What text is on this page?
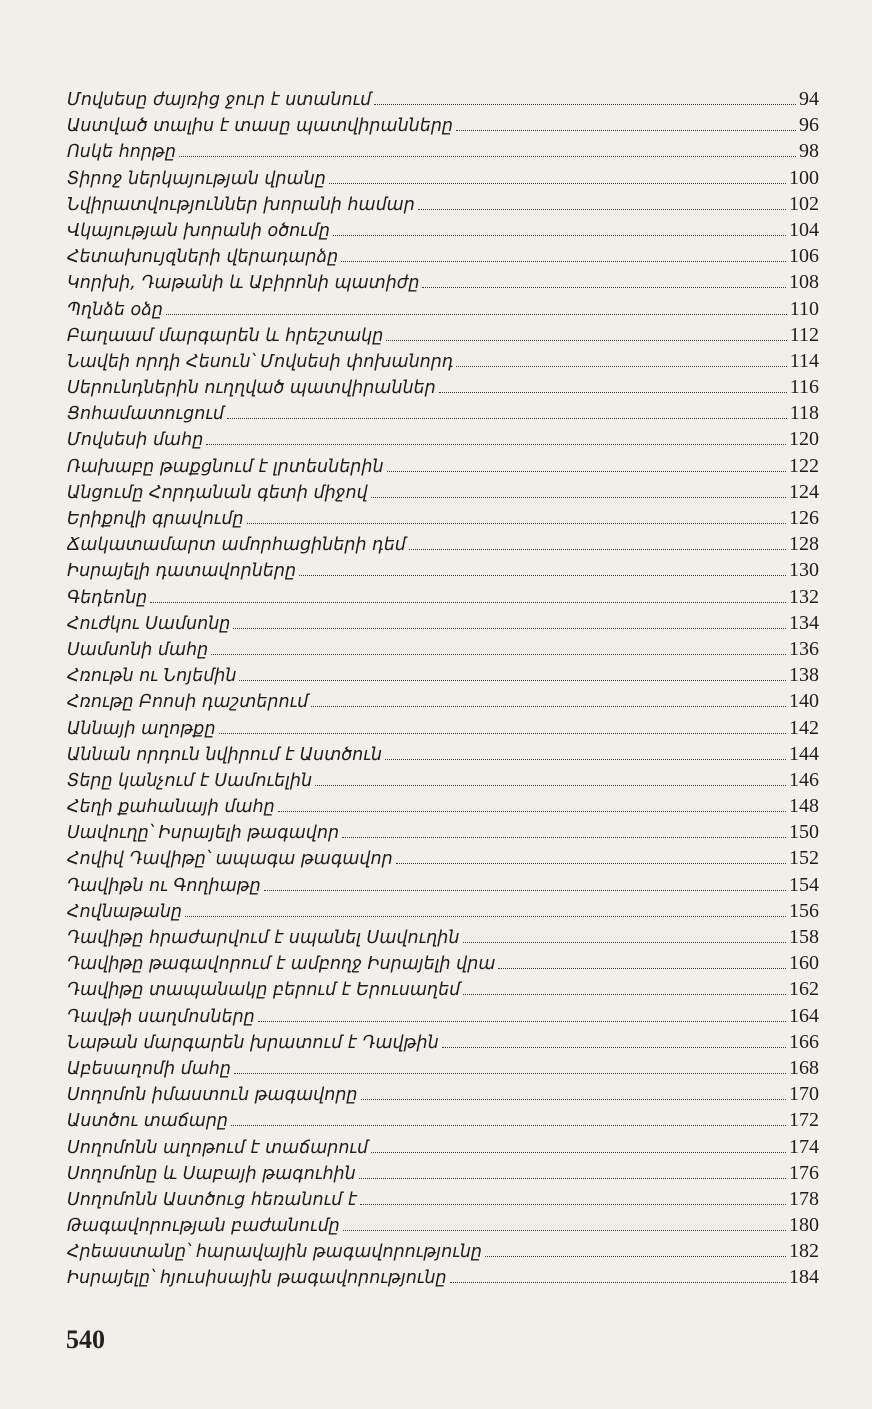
Մովսեսը ժայռից ջուր է ստանում	94
Աստված տալիս է տասը պատվիրանները	96
Ոսկե հորթը	98
Տիրոջ ներկայության վրանը	100
Նվիրատվություններ խորանի համար	102
Վկայության խորանի օծումը	104
Հետախույզների վերադարձը	106
Կորխի, Դաթանի և Աբիրոնի պատիժը	108
Պղնձե օձը	110
Բաղաամ մարգարեն և հրեշտակը	112
Նավեի որդի Հեսուն՝ Մովսեսի փոխանորդ	114
Սերունդներին ուղղված պատվիրաններ	116
Ցոհամատուցում	118
Մովսեսի մահը	120
Ռախաբը թաքցնում է լրտեսներին	122
Անցումը Հորդանան գետի միջով	124
Երիքովի գրավումը	126
Ճակատամարտ ամորհացիների դեմ	128
Իսրայելի դատավորները	130
Գեդեոնը	132
Հուժկու Սամսոնը	134
Սամսոնի մահը	136
Հռութն ու Նոյեմին	138
Հռութը Բոոսի դաշտերում	140
Աննայի աղոթքը	142
Աննան որդուն նվիրում է Աստծուն	144
Տերը կանչում է Սամուելին	146
Հեղի քահանայի մահը	148
Սավուղը՝ Իսրայելի թագավոր	150
Հովիվ Դավիթը՝ ապագա թագավոր	152
Դավիթն ու Գողիաթը	154
Հովնաթանը	156
Դավիթը հրաժարվում է սպանել Սավուղին	158
Դավիթը թագավորում է ամբողջ Իսրայելի վրա	160
Դավիթը տապանակը բերում է Երուսաղեմ	162
Դավթի սաղմոսները	164
Նաթան մարգարեն խրատում է Դավթին	166
Աբեսաղոմի մահը	168
Սողոմոն իմաստուն թագավորը	170
Աստծու տաճարը	172
Սողոմոնն աղոթում է տաճարում	174
Սողոմոնը և Սաբայի թագուհին	176
Սողոմոնն Աստծուց հեռանում է	178
Թագավորության բաժանումը	180
Հրեաստանը՝ հարավային թագավորությունը	182
Իսրայելը՝ հյուսիսային թագավորությունը	184
540
